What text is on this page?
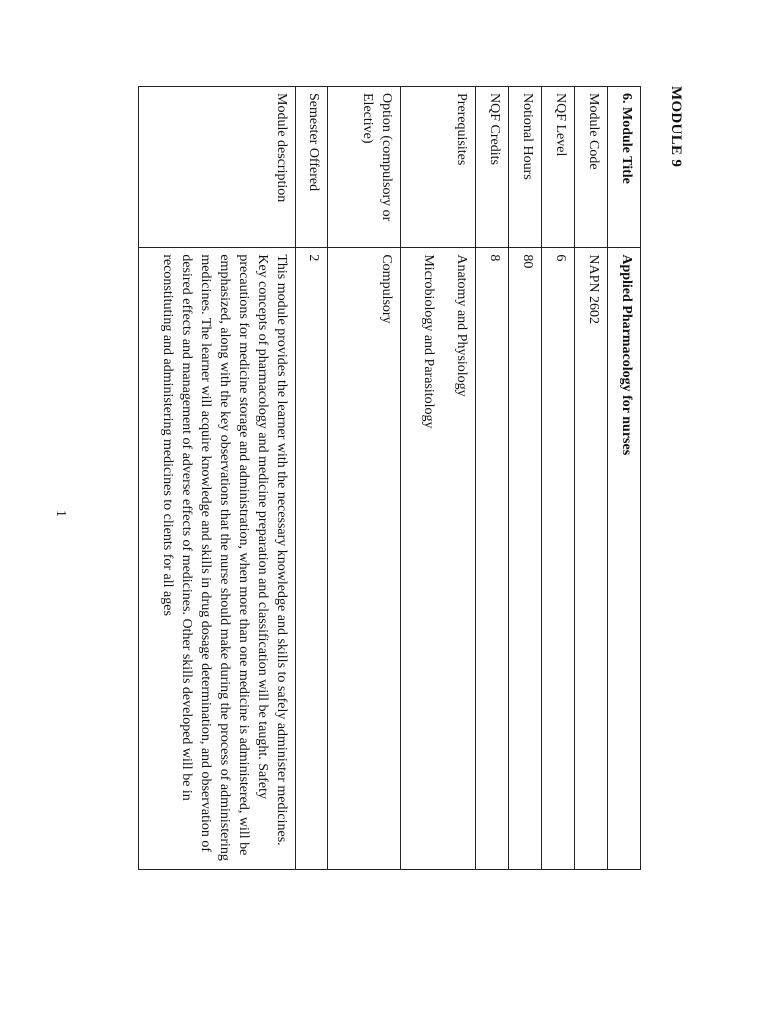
MODULE 9
6. Module Title	Applied Pharmacology for nurses
Module Code	NAPN 2602
NQF Level	6
Notional Hours	80
NQF Credits	8
Prerequisites	Anatomy and Physiology
Microbiology and Parasitology

Option (compulsory or Elective)	Compulsory
Semester Offered	2
Module description	This module provides the learner with the necessary knowledge and skills to safely administer medicines. Key concepts of pharmacology and medicine preparation and classification will be taught. Safety precautions for medicine storage and administration, when more than one medicine is administered, will be emphasized, along with the key observations that the nurse should make during the process of administering medicines. The learner will acquire knowledge and skills in drug dosage determination, and observation of desired effects and management of adverse effects of medicines. Other skills developed will be in reconstituting and administering medicines to clients for all ages
1
